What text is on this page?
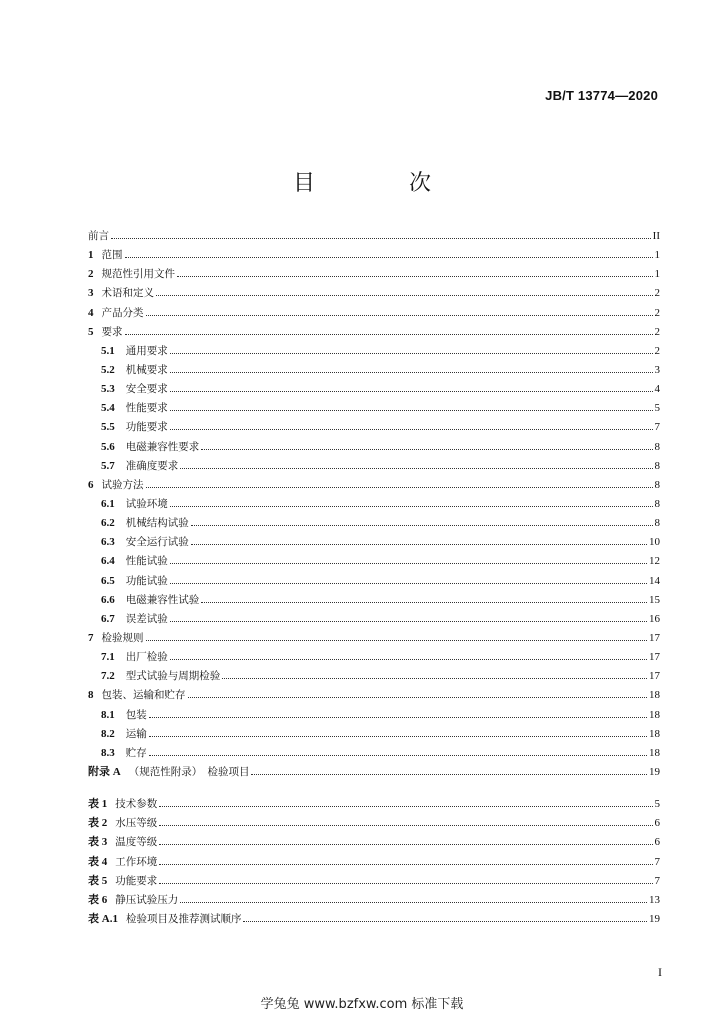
JB/T 13774—2020
目　次
前言	II
1 范围	1
2 规范性引用文件	1
3 术语和定义	2
4 产品分类	2
5 要求	2
5.1 通用要求	2
5.2 机械要求	3
5.3 安全要求	4
5.4 性能要求	5
5.5 功能要求	7
5.6 电磁兼容性要求	8
5.7 准确度要求	8
6 试验方法	8
6.1 试验环境	8
6.2 机械结构试验	8
6.3 安全运行试验	10
6.4 性能试验	12
6.5 功能试验	14
6.6 电磁兼容性试验	15
6.7 误差试验	16
7 检验规则	17
7.1 出厂检验	17
7.2 型式试验与周期检验	17
8 包装、运输和贮存	18
8.1 包装	18
8.2 运输	18
8.3 贮存	18
附录 A （规范性附录）　检验项目	19
表 1 技术参数	5
表 2 水压等级	6
表 3 温度等级	6
表 4 工作环境	7
表 5 功能要求	7
表 6 静压试验压力	13
表 A.1 检验项目及推荐测试顺序	19
I
学兔兔 www.bzfxw.com 标准下载
